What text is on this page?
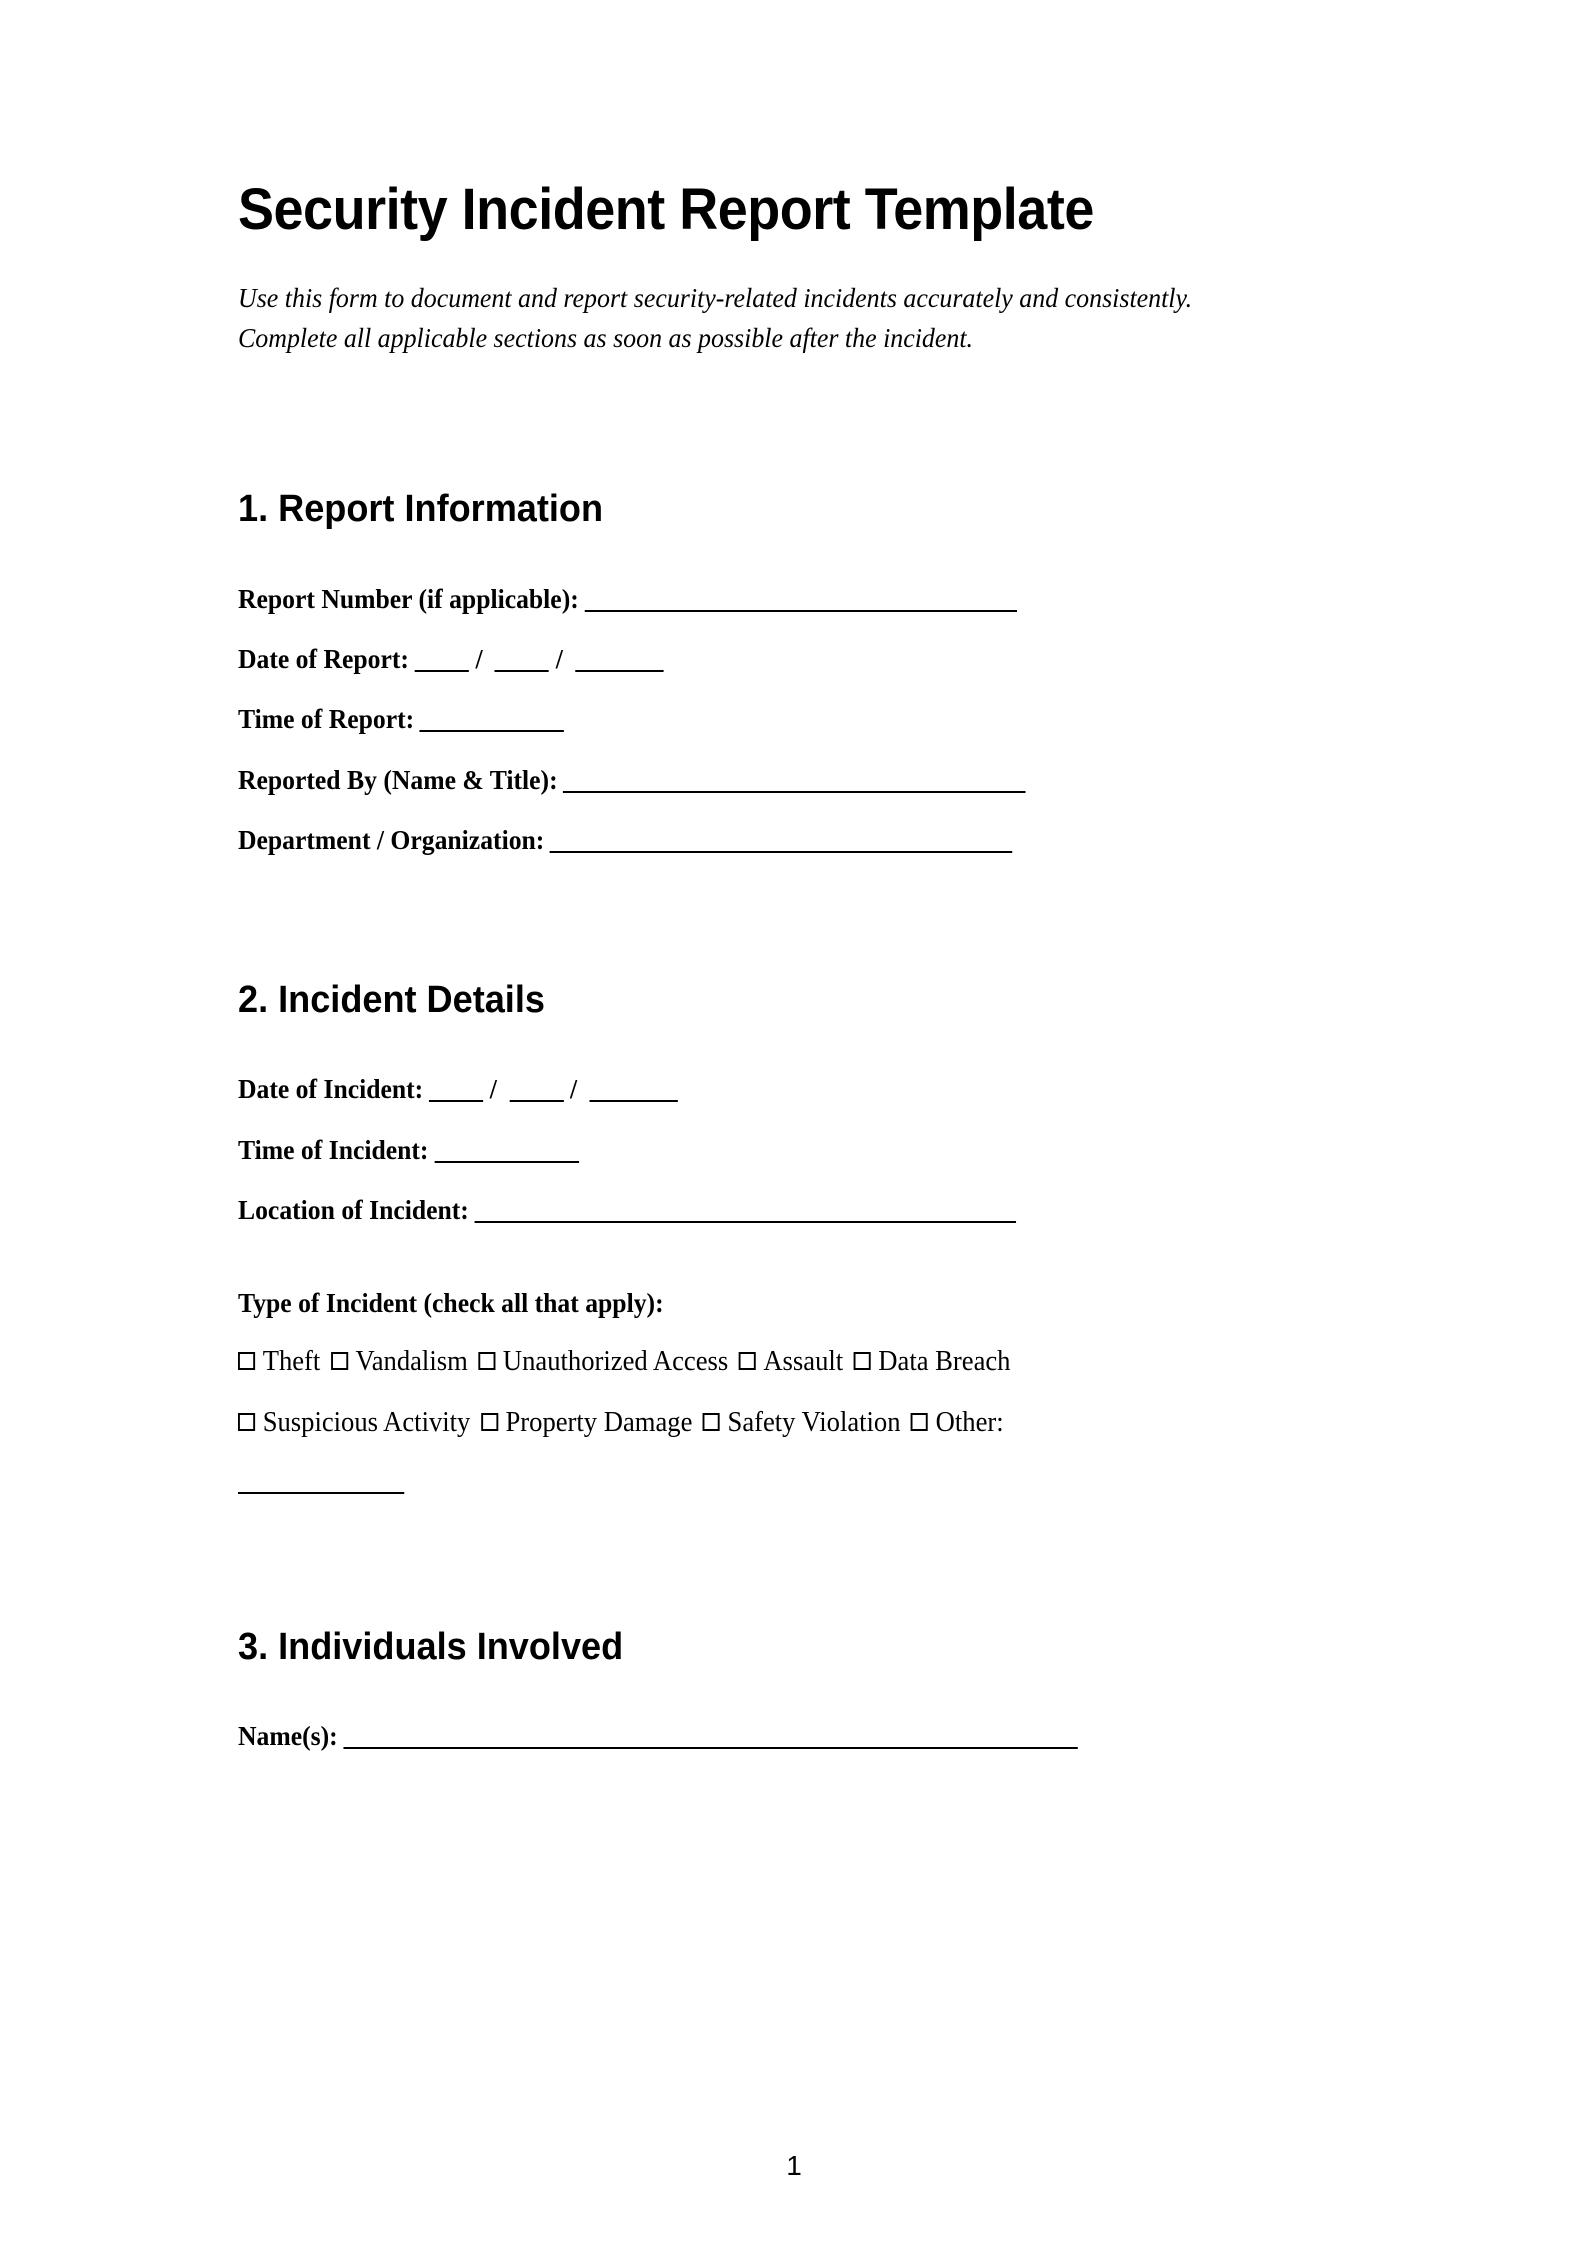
Security Incident Report Template

Use this form to document and report security-related incidents accurately and consistently. Complete all applicable sections as soon as possible after the incident.

1. Report Information
Report Number (if applicable):
Date of Report: /	/
Time of Report:
Reported By (Name & Title):
Department / Organization:
2. Incident Details
Date of Incident: /	/
Time of Incident:
Location of Incident:
Type of Incident (check all that apply):
Theft Vandalism Unauthorized Access Assault Data Breach
Suspicious Activity Property Damage Safety Violation Other:
3. Individuals Involved
Name(s):
1
